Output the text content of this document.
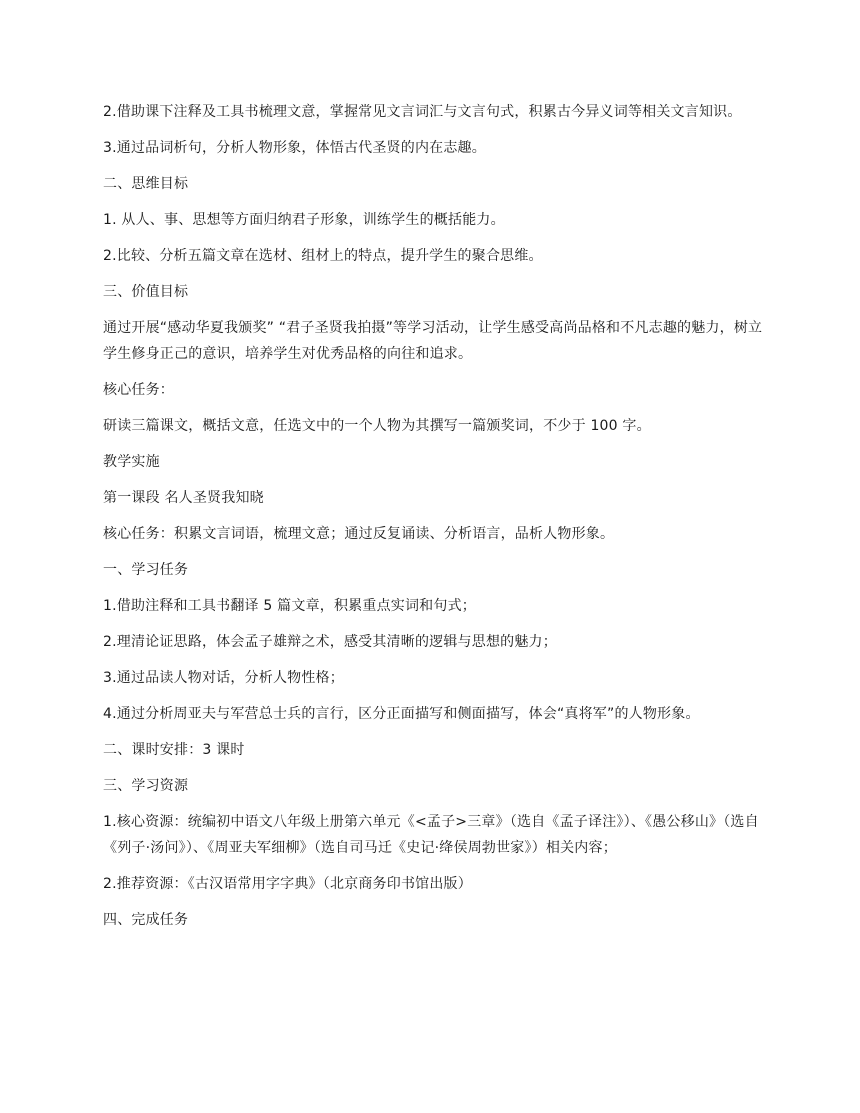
2.借助课下注释及工具书梳理文意，掌握常见文言词汇与文言句式，积累古今异义词等相关文言知识。

3.通过品词析句，分析人物形象，体悟古代圣贤的内在志趣。

二、思维目标

1. 从人、事、思想等方面归纳君子形象，训练学生的概括能力。

2.比较、分析五篇文章在选材、组材上的特点，提升学生的聚合思维。

三、价值目标

通过开展“感动华夏我颁奖” “君子圣贤我拍摄”等学习活动，让学生感受高尚品格和不凡志趣的魅力，树立学生修身正己的意识，培养学生对优秀品格的向往和追求。

核心任务：

研读三篇课文，概括文意，任选文中的一个人物为其撰写一篇颁奖词，不少于 100 字。

教学实施

第一课段 名人圣贤我知晓

核心任务：积累文言词语，梳理文意；通过反复诵读、分析语言，品析人物形象。

一、学习任务

1.借助注释和工具书翻译 5 篇文章，积累重点实词和句式；

2.理清论证思路，体会孟子雄辩之术，感受其清晰的逻辑与思想的魅力；

3.通过品读人物对话，分析人物性格；

4.通过分析周亚夫与军营总士兵的言行，区分正面描写和侧面描写，体会“真将军”的人物形象。

二、课时安排：3 课时

三、学习资源

1.核心资源：统编初中语文八年级上册第六单元《<孟子>三章》（选自《孟子译注》）、《愚公移山》（选自《列子·汤问》）、《周亚夫军细柳》（选自司马迁《史记·绛侯周勃世家》）相关内容；

2.推荐资源：《古汉语常用字字典》（北京商务印书馆出版）

四、完成任务
